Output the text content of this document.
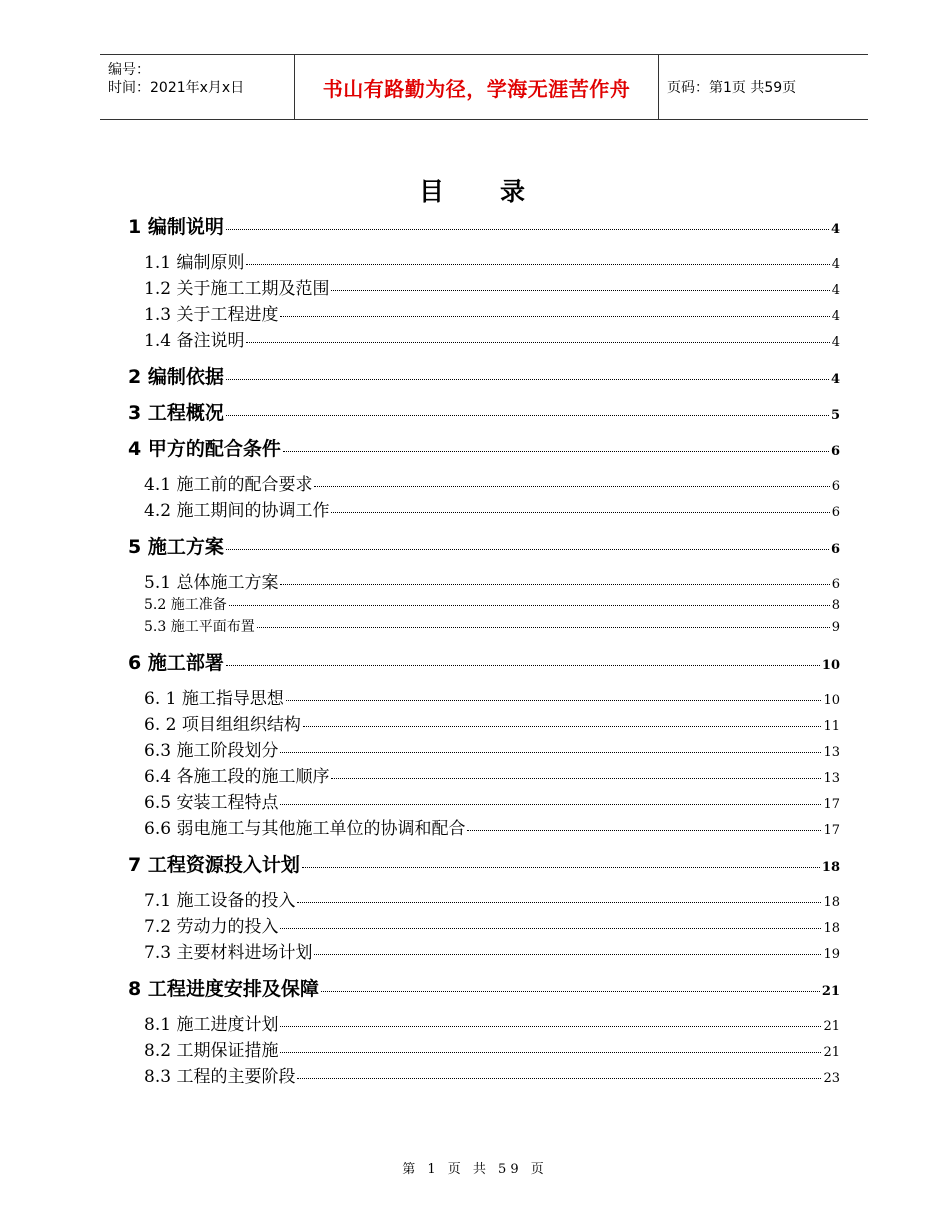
编号：
时间：2021年x月x日	书山有路勤为径，学海无涯苦作舟	页码：第1页 共59页
目 录
1 编制说明	4
1.1 编制原则	4
1.2 关于施工工期及范围	4
1.3 关于工程进度	4
1.4 备注说明	4
2 编制依据	4
3 工程概况	5
4 甲方的配合条件	6
4.1 施工前的配合要求	6
4.2 施工期间的协调工作	6
5 施工方案	6
5.1 总体施工方案	6
5.2 施工准备	8
5.3 施工平面布置	9
6 施工部署	10
6. 1 施工指导思想	10
6. 2 项目组组织结构	11
6.3 施工阶段划分	13
6.4 各施工段的施工顺序	13
6.5 安装工程特点	17
6.6 弱电施工与其他施工单位的协调和配合	17
7 工程资源投入计划	18
7.1 施工设备的投入	18
7.2 劳动力的投入	18
7.3 主要材料进场计划	19
8 工程进度安排及保障	21
8.1 施工进度计划	21
8.2 工期保证措施	21
8.3 工程的主要阶段	23
第 1 页 共 59 页
